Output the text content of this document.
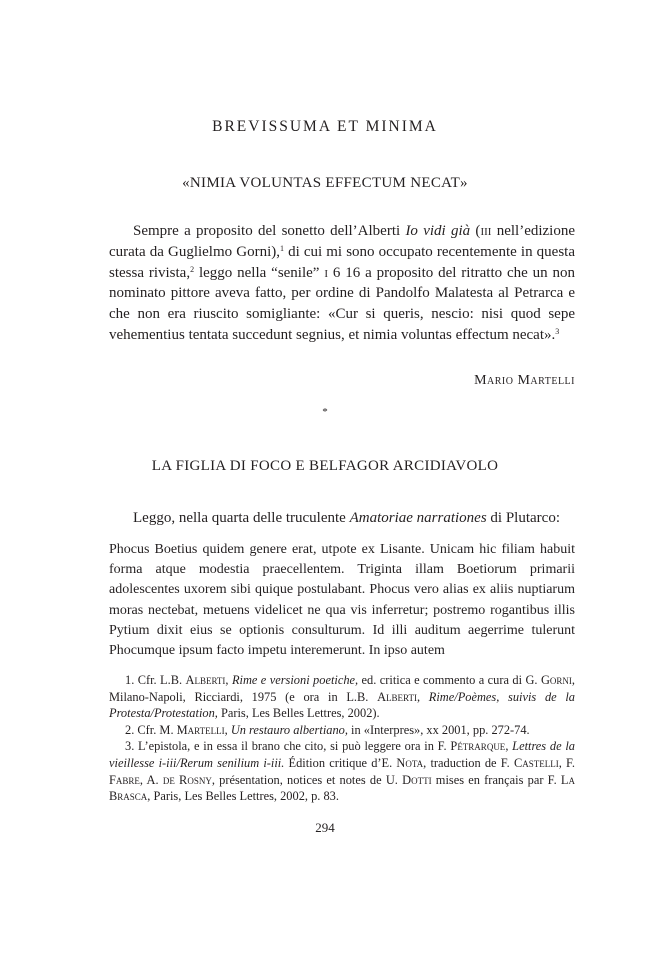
BREVISSUMA ET MINIMA
«NIMIA VOLUNTAS EFFECTUM NECAT»

Sempre a proposito del sonetto dell’Alberti Io vidi già (iii nell’edizione curata da Guglielmo Gorni),$^1$ di cui mi sono occupato recentemente in questa stessa rivista,$^2$ leggo nella “senile” i 6 16 a proposito del ritratto che un non nominato pittore aveva fatto, per ordine di Pandolfo Malatesta al Petrarca e che non era riuscito somigliante: «Cur si queris, nescio: nisi quod sepe vehementius tentata succedunt segnius, et nimia voluntas effectum necat».$^3$

Mario Martelli
*
LA FIGLIA DI FOCO E BELFAGOR ARCIDIAVOLO

Leggo, nella quarta delle truculente Amatoriae narrationes di Plutarco:

Phocus Boetius quidem genere erat, utpote ex Lisante. Unicam hic filiam habuit forma atque modestia praecellentem. Triginta illam Boetiorum primarii adolescentes uxorem sibi quique postulabant. Phocus vero alias ex aliis nuptiarum moras nectebat, metuens videlicet ne qua vis inferretur; postremo rogantibus illis Pytium dixit eius se optionis consulturum. Id illi auditum aegerrime tulerunt Phocumque ipsum facto impetu interemerunt. In ipso autem

1. Cfr. L.B. Alberti, Rime e versioni poetiche, ed. critica e commento a cura di G. Gorni, Milano-Napoli, Ricciardi, 1975 (e ora in L.B. Alberti, Rime/Poèmes, suivis de la Protesta/Protestation, Paris, Les Belles Lettres, 2002).

2. Cfr. M. Martelli, Un restauro albertiano, in «Interpres», xx 2001, pp. 272-74.

3. L’epistola, e in essa il brano che cito, si può leggere ora in F. Pétrarque, Lettres de la vieillesse i-iii/Rerum senilium i-iii. Édition critique d’E. Nota, traduction de F. Castelli, F. Fabre, A. de Rosny, présentation, notices et notes de U. Dotti mises en français par F. La Brasca, Paris, Les Belles Lettres, 2002, p. 83.

294
